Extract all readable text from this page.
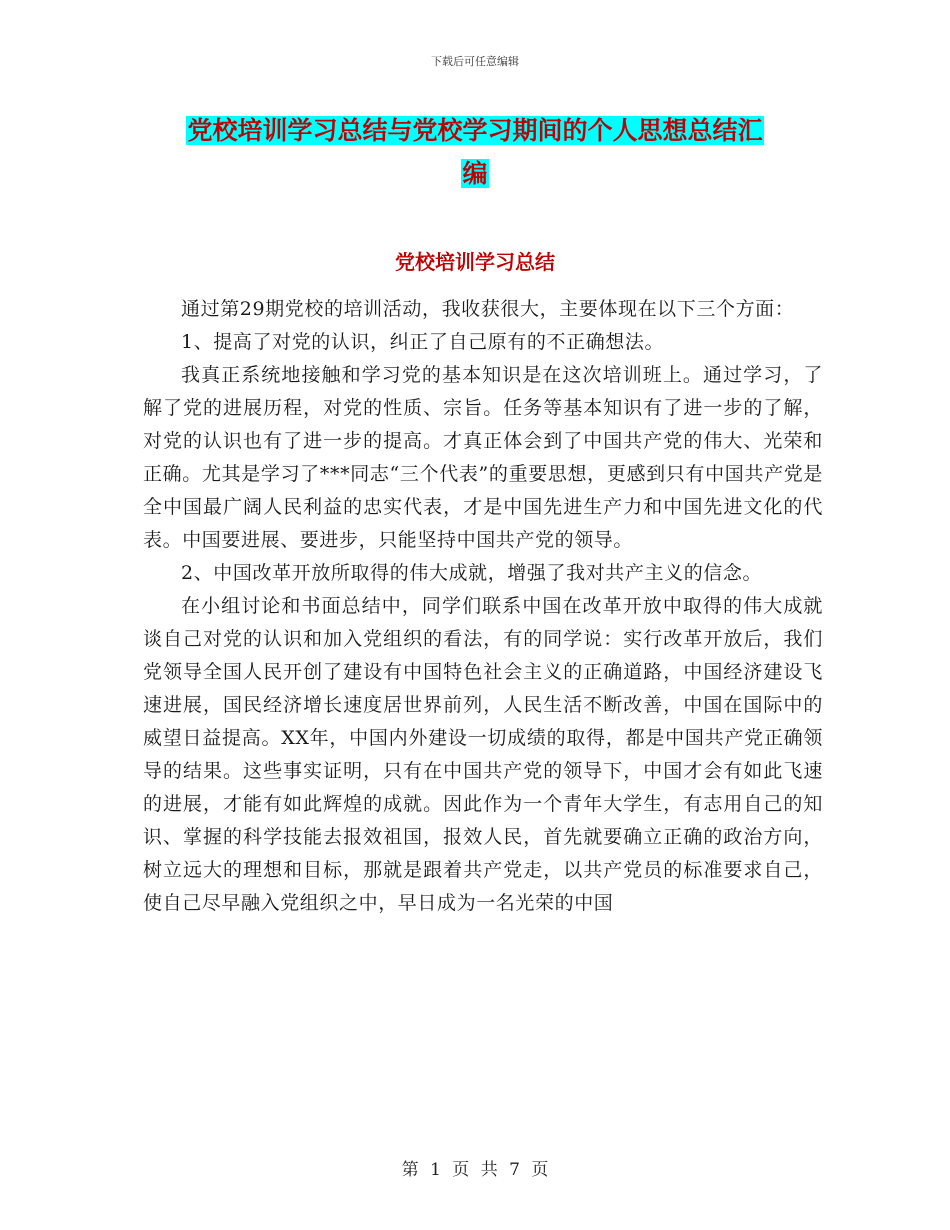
下载后可任意编辑
党校培训学习总结与党校学习期间的个人思想总结汇
编
党校培训学习总结

通过第29期党校的培训活动，我收获很大，主要体现在以下三个方面：

1、提高了对党的认识，纠正了自己原有的不正确想法。

我真正系统地接触和学习党的基本知识是在这次培训班上。通过学习，了解了党的进展历程，对党的性质、宗旨。任务等基本知识有了进一步的了解，对党的认识也有了进一步的提高。才真正体会到了中国共产党的伟大、光荣和正确。尤其是学习了***同志“三个代表”的重要思想，更感到只有中国共产党是全中国最广阔人民利益的忠实代表，才是中国先进生产力和中国先进文化的代表。中国要进展、要进步，只能坚持中国共产党的领导。

2、中国改革开放所取得的伟大成就，增强了我对共产主义的信念。

在小组讨论和书面总结中，同学们联系中国在改革开放中取得的伟大成就谈自己对党的认识和加入党组织的看法，有的同学说：实行改革开放后，我们党领导全国人民开创了建设有中国特色社会主义的正确道路，中国经济建设飞速进展，国民经济增长速度居世界前列，人民生活不断改善，中国在国际中的威望日益提高。XX年，中国内外建设一切成绩的取得，都是中国共产党正确领导的结果。这些事实证明，只有在中国共产党的领导下，中国才会有如此飞速的进展，才能有如此辉煌的成就。因此作为一个青年大学生，有志用自己的知识、掌握的科学技能去报效祖国，报效人民，首先就要确立正确的政治方向，树立远大的理想和目标，那就是跟着共产党走，以共产党员的标准要求自己，使自己尽早融入党组织之中，早日成为一名光荣的中国

第 1 页 共 7 页
